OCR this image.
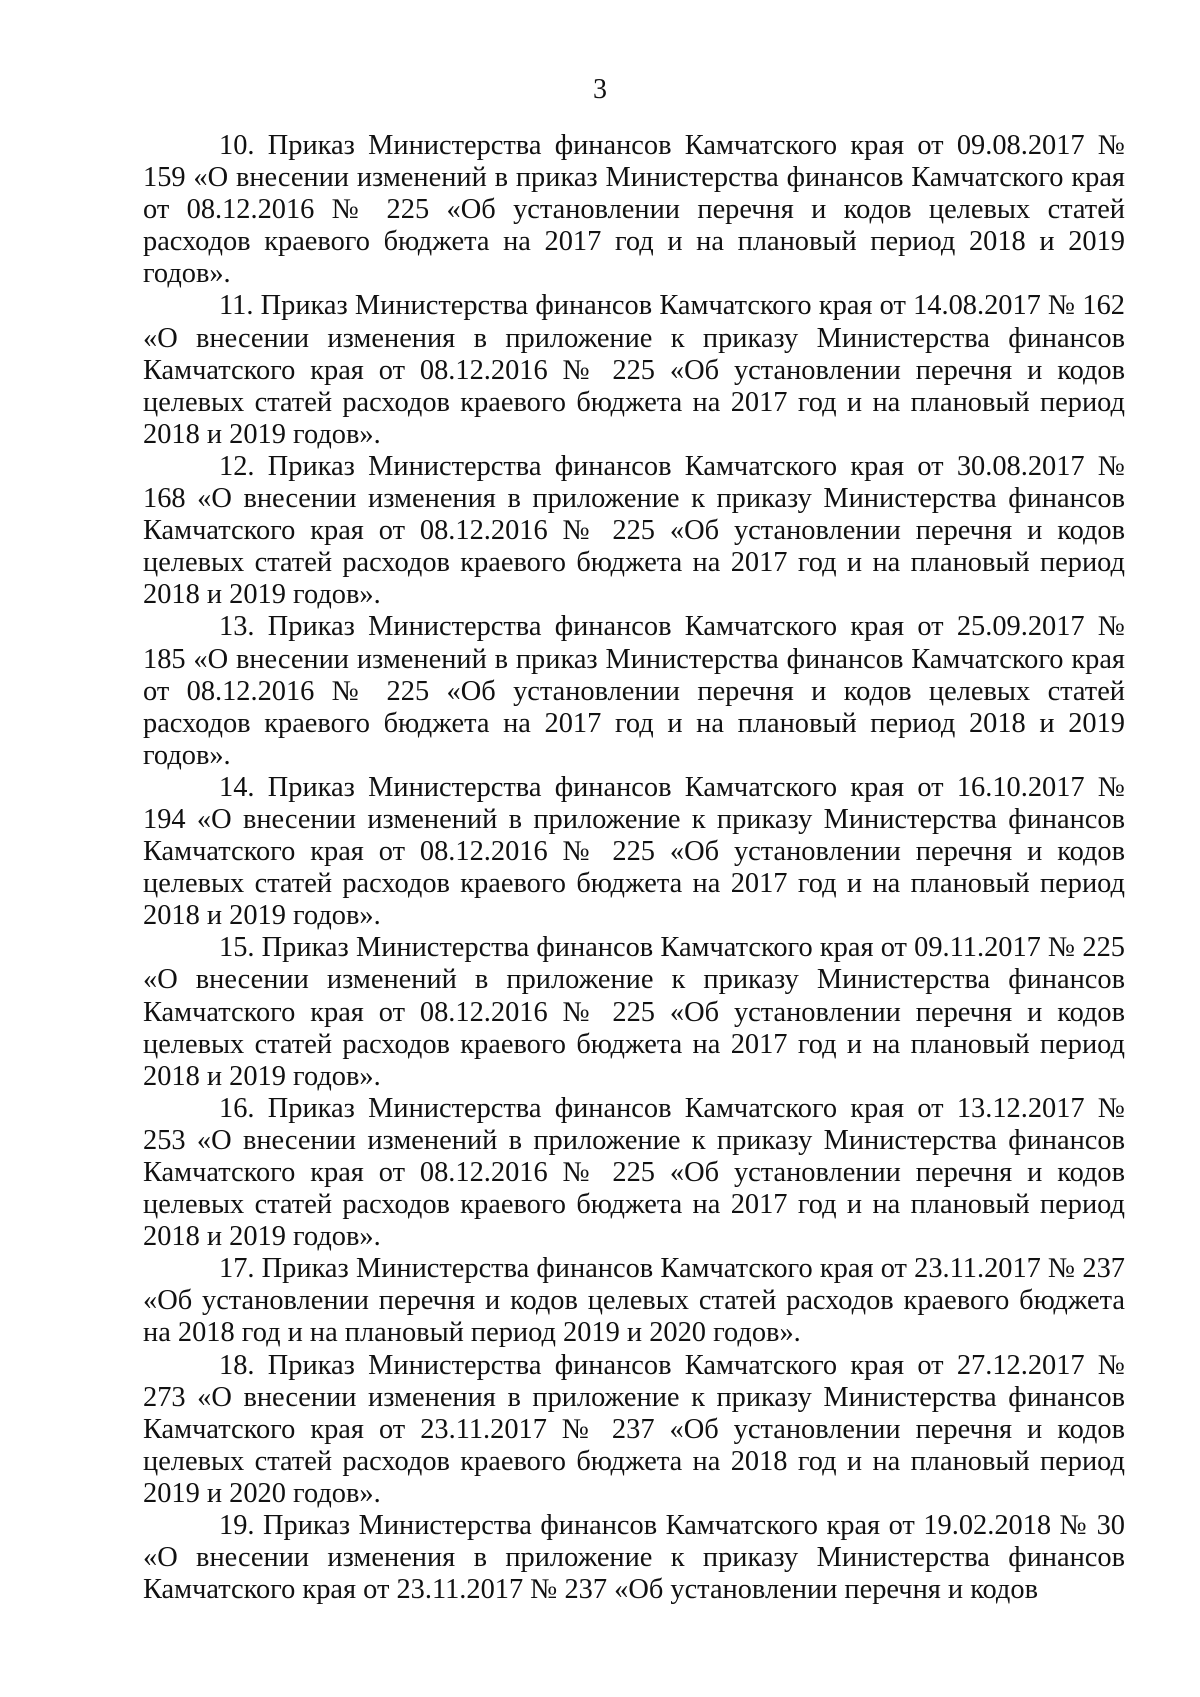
3

10. Приказ Министерства финансов Камчатского края от 09.08.2017 № 159 «О внесении изменений в приказ Министерства финансов Камчатского края от 08.12.2016 № 225 «Об установлении перечня и кодов целевых статей расходов краевого бюджета на 2017 год и на плановый период 2018 и 2019 годов».

11. Приказ Министерства финансов Камчатского края от 14.08.2017 № 162 «О внесении изменения в приложение к приказу Министерства финансов Камчатского края от 08.12.2016 № 225 «Об установлении перечня и кодов целевых статей расходов краевого бюджета на 2017 год и на плановый период 2018 и 2019 годов».

12. Приказ Министерства финансов Камчатского края от 30.08.2017 № 168 «О внесении изменения в приложение к приказу Министерства финансов Камчатского края от 08.12.2016 № 225 «Об установлении перечня и кодов целевых статей расходов краевого бюджета на 2017 год и на плановый период 2018 и 2019 годов».

13. Приказ Министерства финансов Камчатского края от 25.09.2017 № 185 «О внесении изменений в приказ Министерства финансов Камчатского края от 08.12.2016 № 225 «Об установлении перечня и кодов целевых статей расходов краевого бюджета на 2017 год и на плановый период 2018 и 2019 годов».

14. Приказ Министерства финансов Камчатского края от 16.10.2017 № 194 «О внесении изменений в приложение к приказу Министерства финансов Камчатского края от 08.12.2016 № 225 «Об установлении перечня и кодов целевых статей расходов краевого бюджета на 2017 год и на плановый период 2018 и 2019 годов».

15. Приказ Министерства финансов Камчатского края от 09.11.2017 № 225 «О внесении изменений в приложение к приказу Министерства финансов Камчатского края от 08.12.2016 № 225 «Об установлении перечня и кодов целевых статей расходов краевого бюджета на 2017 год и на плановый период 2018 и 2019 годов».

16. Приказ Министерства финансов Камчатского края от 13.12.2017 № 253 «О внесении изменений в приложение к приказу Министерства финансов Камчатского края от 08.12.2016 № 225 «Об установлении перечня и кодов целевых статей расходов краевого бюджета на 2017 год и на плановый период 2018 и 2019 годов».

17. Приказ Министерства финансов Камчатского края от 23.11.2017 № 237 «Об установлении перечня и кодов целевых статей расходов краевого бюджета на 2018 год и на плановый период 2019 и 2020 годов».

18. Приказ Министерства финансов Камчатского края от 27.12.2017 № 273 «О внесении изменения в приложение к приказу Министерства финансов Камчатского края от 23.11.2017 № 237 «Об установлении перечня и кодов целевых статей расходов краевого бюджета на 2018 год и на плановый период 2019 и 2020 годов».

19. Приказ Министерства финансов Камчатского края от 19.02.2018 № 30 «О внесении изменения в приложение к приказу Министерства финансов Камчатского края от 23.11.2017 № 237 «Об установлении перечня и кодов
